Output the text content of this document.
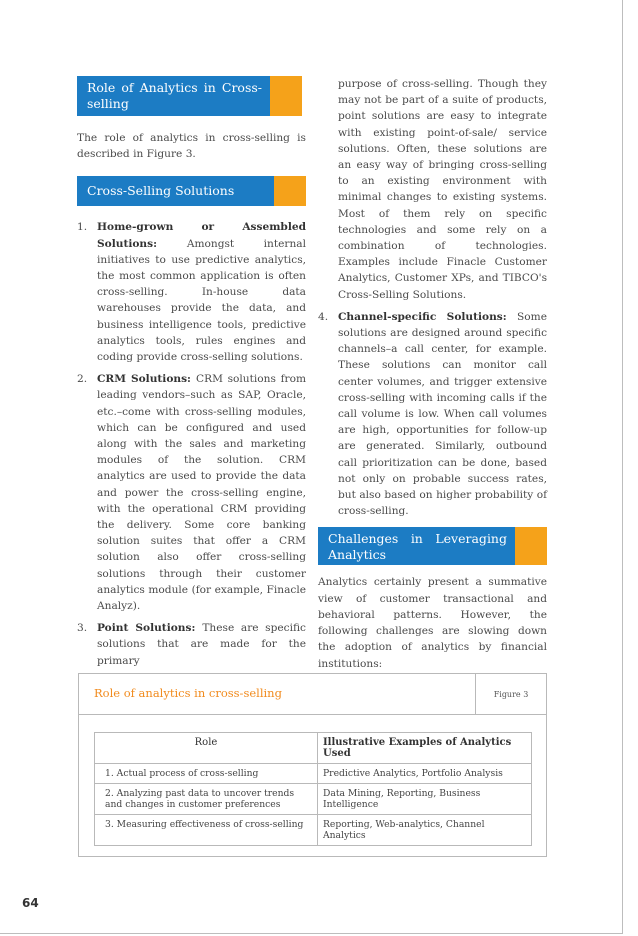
Role of Analytics in Cross-selling

The role of analytics in cross-selling is described in Figure 3.

Cross-Selling Solutions
1. Home-grown or Assembled Solutions: Amongst internal initiatives to use predictive analytics, the most common application is often cross-selling. In-house data warehouses provide the data, and business intelligence tools, predictive analytics tools, rules engines and coding provide cross-selling solutions.
2. CRM Solutions: CRM solutions from leading vendors–such as SAP, Oracle, etc.–come with cross-selling modules, which can be configured and used along with the sales and marketing modules of the solution. CRM analytics are used to provide the data and power the cross-selling engine, with the operational CRM providing the delivery. Some core banking solution suites that offer a CRM solution also offer cross-selling solutions through their customer analytics module (for example, Finacle Analyz).
3. Point Solutions: These are specific solutions that are made for the primary

purpose of cross-selling. Though they may not be part of a suite of products, point solutions are easy to integrate with existing point-of-sale/ service solutions. Often, these solutions are an easy way of bringing cross-selling to an existing environment with minimal changes to existing systems. Most of them rely on specific technologies and some rely on a combination of technologies. Examples include Finacle Customer Analytics, Customer XPs, and TIBCO's Cross-Selling Solutions.

4. Channel-specific Solutions: Some solutions are designed around specific channels–a call center, for example. These solutions can monitor call center volumes, and trigger extensive cross-selling with incoming calls if the call volume is low. When call volumes are high, opportunities for follow-up are generated. Similarly, outbound call prioritization can be done, based not only on probable success rates, but also based on higher probability of cross-selling.
Challenges in Leveraging Analytics

Analytics certainly present a summative view of customer transactional and behavioral patterns. However, the following challenges are slowing down the adoption of analytics by financial institutions:

Role of analytics in cross-selling	Figure 3
Role	Illustrative Examples of Analytics Used
1. Actual process of cross-selling	Predictive Analytics, Portfolio Analysis
2. Analyzing past data to uncover trends and changes in customer preferences	Data Mining, Reporting, Business Intelligence
3. Measuring effectiveness of cross-selling	Reporting, Web-analytics, Channel Analytics
64
